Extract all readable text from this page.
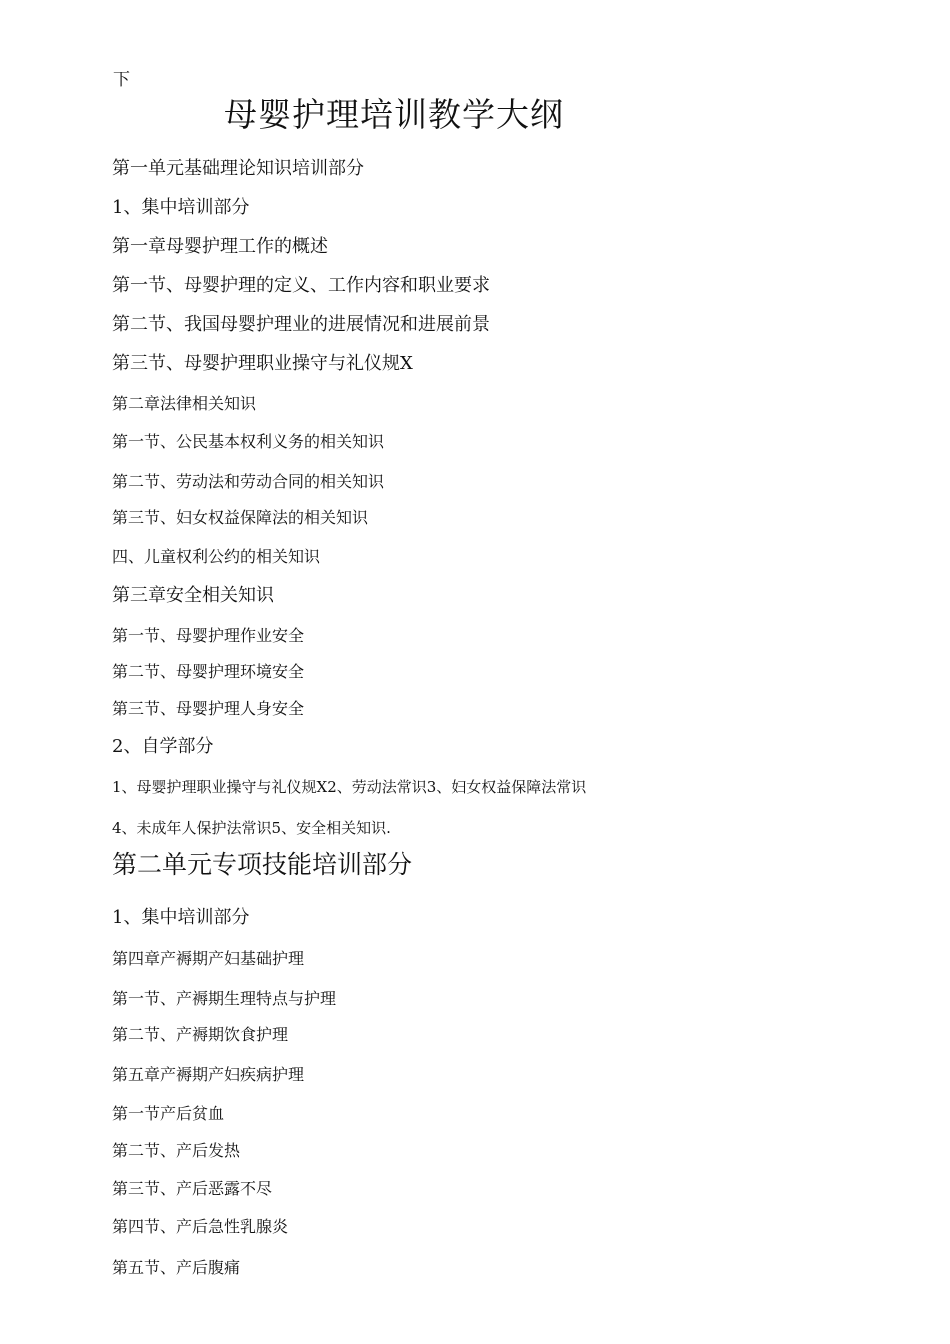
下
母婴护理培训教学大纲
第一单元基础理论知识培训部分
1、集中培训部分
第一章母婴护理工作的概述
第一节、母婴护理的定义、工作内容和职业要求
第二节、我国母婴护理业的进展情况和进展前景
第三节、母婴护理职业操守与礼仪规X
第二章法律相关知识
第一节、公民基本权利义务的相关知识
第二节、劳动法和劳动合同的相关知识
第三节、妇女权益保障法的相关知识
四、儿童权利公约的相关知识
第三章安全相关知识
第一节、母婴护理作业安全
第二节、母婴护理环境安全
第三节、母婴护理人身安全
2、自学部分
1、母婴护理职业操守与礼仪规X2、劳动法常识3、妇女权益保障法常识
4、未成年人保护法常识5、安全相关知识.
第二单元专项技能培训部分
1、集中培训部分
第四章产褥期产妇基础护理
第一节、产褥期生理特点与护理
第二节、产褥期饮食护理
第五章产褥期产妇疾病护理
第一节产后贫血
第二节、产后发热
第三节、产后恶露不尽
第四节、产后急性乳腺炎
第五节、产后腹痛
